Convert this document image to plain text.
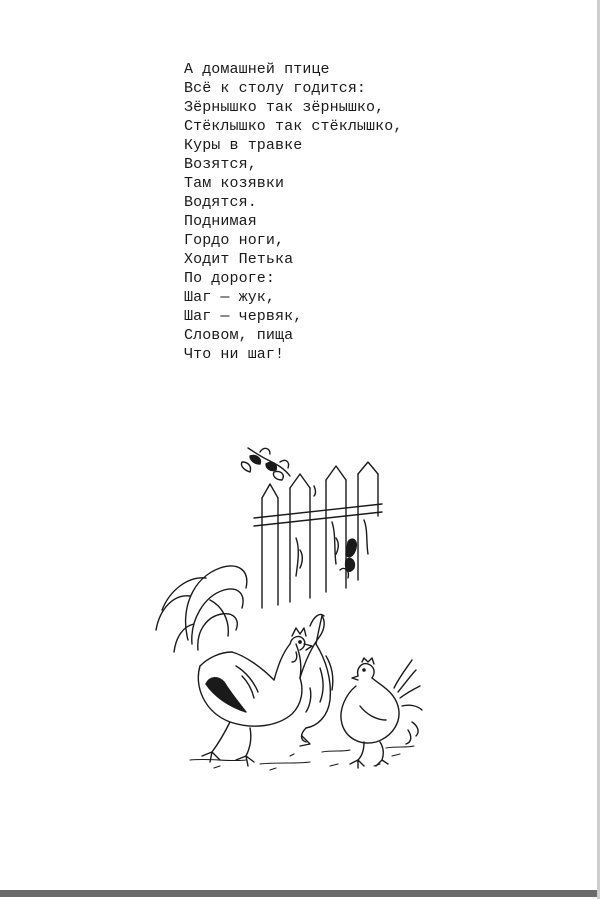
А домашней птице
Всё к столу годится:
Зёрнышко так зёрнышко,
Стёклышко так стёклышко,
Куры в травке
Возятся,
Там козявки
Водятся.
Поднимая
Гордо ноги,
Ходит Петька
По дороге:
Шаг — жук,
Шаг — червяк,
Словом, пища
Что ни шаг!
